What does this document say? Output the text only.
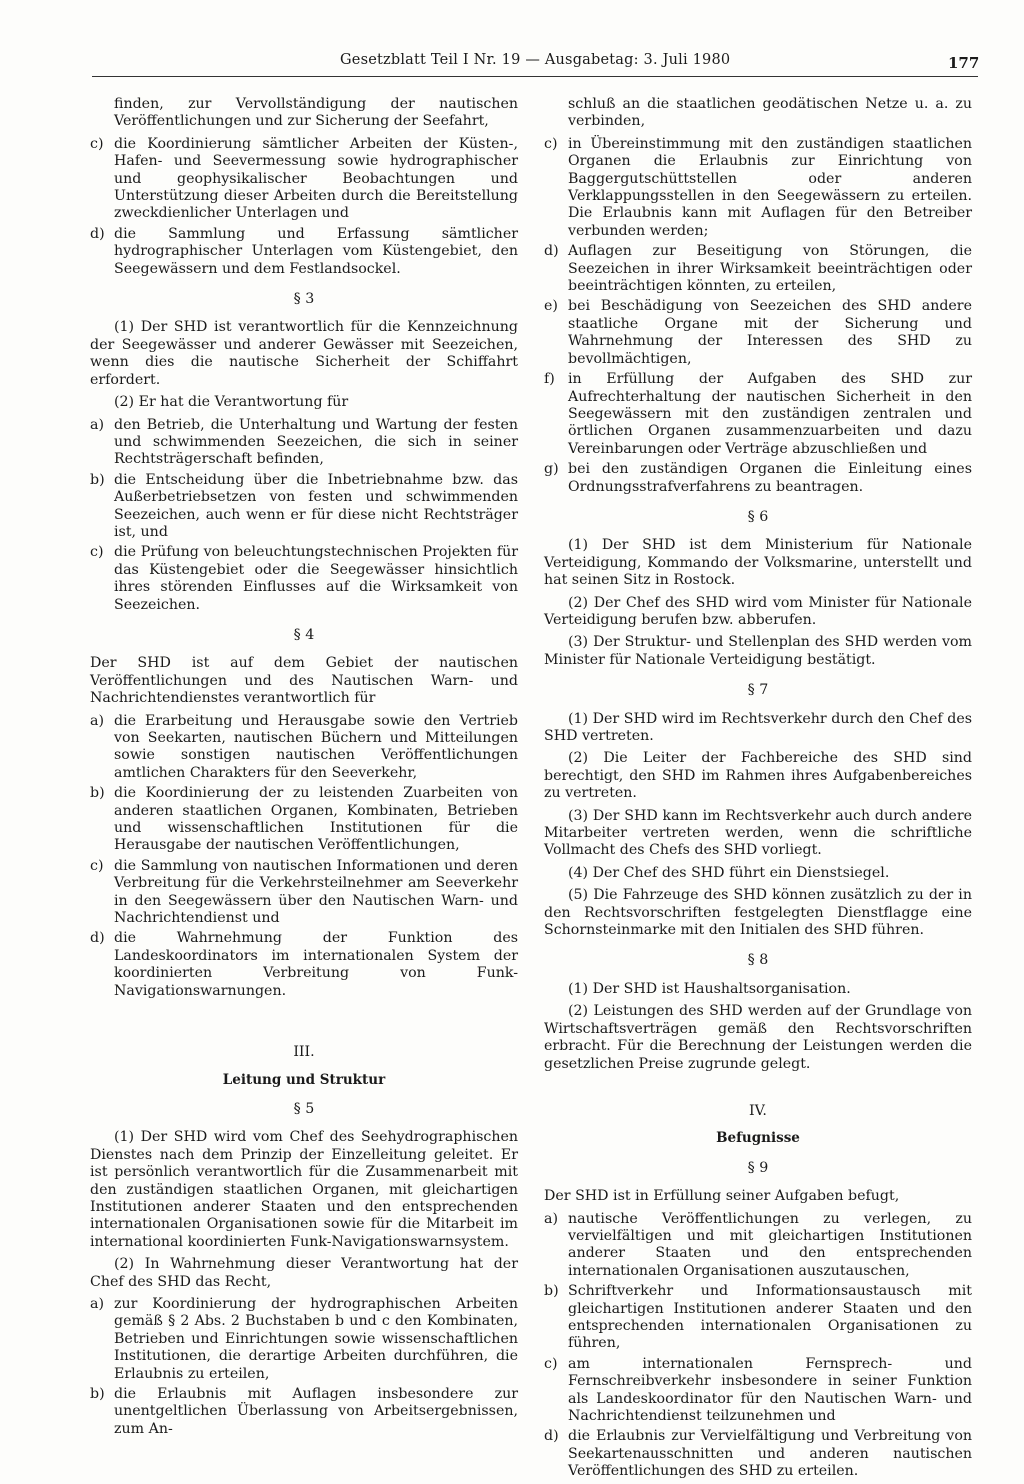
Gesetzblatt Teil I Nr. 19 — Ausgabetag: 3. Juli 1980	177

finden, zur Vervollständigung der nautischen Veröffentlichungen und zur Sicherung der Seefahrt,

c) die Koordinierung sämtlicher Arbeiten der Küsten-, Hafen- und Seevermessung sowie hydrographischer und geophysikalischer Beobachtungen und Unterstützung dieser Arbeiten durch die Bereitstellung zweckdienlicher Unterlagen und
d) die Sammlung und Erfassung sämtlicher hydrographischer Unterlagen vom Küstengebiet, den Seegewässern und dem Festlandsockel.
§ 3

(1) Der SHD ist verantwortlich für die Kennzeichnung der Seegewässer und anderer Gewässer mit Seezeichen, wenn dies die nautische Sicherheit der Schiffahrt erfordert.

(2) Er hat die Verantwortung für

a) den Betrieb, die Unterhaltung und Wartung der festen und schwimmenden Seezeichen, die sich in seiner Rechtsträgerschaft befinden,
b) die Entscheidung über die Inbetriebnahme bzw. das Außerbetriebsetzen von festen und schwimmenden Seezeichen, auch wenn er für diese nicht Rechtsträger ist, und
c) die Prüfung von beleuchtungstechnischen Projekten für das Küstengebiet oder die Seegewässer hinsichtlich ihres störenden Einflusses auf die Wirksamkeit von Seezeichen.
§ 4

Der SHD ist auf dem Gebiet der nautischen Veröffentlichungen und des Nautischen Warn- und Nachrichtendienstes verantwortlich für

a) die Erarbeitung und Herausgabe sowie den Vertrieb von Seekarten, nautischen Büchern und Mitteilungen sowie sonstigen nautischen Veröffentlichungen amtlichen Charakters für den Seeverkehr,
b) die Koordinierung der zu leistenden Zuarbeiten von anderen staatlichen Organen, Kombinaten, Betrieben und wissenschaftlichen Institutionen für die Herausgabe der nautischen Veröffentlichungen,
c) die Sammlung von nautischen Informationen und deren Verbreitung für die Verkehrsteilnehmer am Seeverkehr in den Seegewässern über den Nautischen Warn- und Nachrichtendienst und
d) die Wahrnehmung der Funktion des Landeskoordinators im internationalen System der koordinierten Verbreitung von Funk-Navigationswarnungen.
III.
Leitung und Struktur
§ 5

(1) Der SHD wird vom Chef des Seehydrographischen Dienstes nach dem Prinzip der Einzelleitung geleitet. Er ist persönlich verantwortlich für die Zusammenarbeit mit den zuständigen staatlichen Organen, mit gleichartigen Institutionen anderer Staaten und den entsprechenden internationalen Organisationen sowie für die Mitarbeit im international koordinierten Funk-Navigationswarnsystem.

(2) In Wahrnehmung dieser Verantwortung hat der Chef des SHD das Recht,

a) zur Koordinierung der hydrographischen Arbeiten gemäß § 2 Abs. 2 Buchstaben b und c den Kombinaten, Betrieben und Einrichtungen sowie wissenschaftlichen Institutionen, die derartige Arbeiten durchführen, die Erlaubnis zu erteilen,
b) die Erlaubnis mit Auflagen insbesondere zur unentgeltlichen Überlassung von Arbeitsergebnissen, zum An-

schluß an die staatlichen geodätischen Netze u. a. zu verbinden,

c) in Übereinstimmung mit den zuständigen staatlichen Organen die Erlaubnis zur Einrichtung von Baggergutschüttstellen oder anderen Verklappungsstellen in den Seegewässern zu erteilen. Die Erlaubnis kann mit Auflagen für den Betreiber verbunden werden;
d) Auflagen zur Beseitigung von Störungen, die Seezeichen in ihrer Wirksamkeit beeinträchtigen oder beeinträchtigen könnten, zu erteilen,
e) bei Beschädigung von Seezeichen des SHD andere staatliche Organe mit der Sicherung und Wahrnehmung der Interessen des SHD zu bevollmächtigen,
f) in Erfüllung der Aufgaben des SHD zur Aufrechterhaltung der nautischen Sicherheit in den Seegewässern mit den zuständigen zentralen und örtlichen Organen zusammenzuarbeiten und dazu Vereinbarungen oder Verträge abzuschließen und
g) bei den zuständigen Organen die Einleitung eines Ordnungsstrafverfahrens zu beantragen.
§ 6

(1) Der SHD ist dem Ministerium für Nationale Verteidigung, Kommando der Volksmarine, unterstellt und hat seinen Sitz in Rostock.

(2) Der Chef des SHD wird vom Minister für Nationale Verteidigung berufen bzw. abberufen.

(3) Der Struktur- und Stellenplan des SHD werden vom Minister für Nationale Verteidigung bestätigt.

§ 7

(1) Der SHD wird im Rechtsverkehr durch den Chef des SHD vertreten.

(2) Die Leiter der Fachbereiche des SHD sind berechtigt, den SHD im Rahmen ihres Aufgabenbereiches zu vertreten.

(3) Der SHD kann im Rechtsverkehr auch durch andere Mitarbeiter vertreten werden, wenn die schriftliche Vollmacht des Chefs des SHD vorliegt.

(4) Der Chef des SHD führt ein Dienstsiegel.

(5) Die Fahrzeuge des SHD können zusätzlich zu der in den Rechtsvorschriften festgelegten Dienstflagge eine Schornsteinmarke mit den Initialen des SHD führen.

§ 8

(1) Der SHD ist Haushaltsorganisation.

(2) Leistungen des SHD werden auf der Grundlage von Wirtschaftsverträgen gemäß den Rechtsvorschriften erbracht. Für die Berechnung der Leistungen werden die gesetzlichen Preise zugrunde gelegt.

IV.
Befugnisse
§ 9

Der SHD ist in Erfüllung seiner Aufgaben befugt,

a) nautische Veröffentlichungen zu verlegen, zu vervielfältigen und mit gleichartigen Institutionen anderer Staaten und den entsprechenden internationalen Organisationen auszutauschen,
b) Schriftverkehr und Informationsaustausch mit gleichartigen Institutionen anderer Staaten und den entsprechenden internationalen Organisationen zu führen,
c) am internationalen Fernsprech- und Fernschreibverkehr insbesondere in seiner Funktion als Landeskoordinator für den Nautischen Warn- und Nachrichtendienst teilzunehmen und
d) die Erlaubnis zur Vervielfältigung und Verbreitung von Seekartenausschnitten und anderen nautischen Veröffentlichungen des SHD zu erteilen.
